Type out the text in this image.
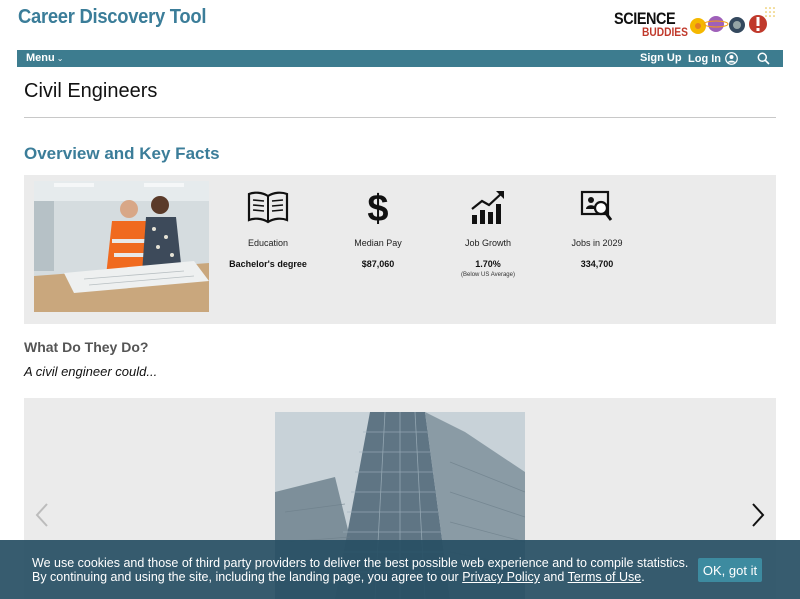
Career Discovery Tool	SCIENCE
BUDDIES
Menu ⌄	Sign Up Log In
Civil Engineers
Overview and Key Facts
Education
Bachelor's degree
$
Median Pay
$87,060
Job Growth
1.70%
(Below US Average)
Jobs in 2029
334,700
What Do They Do?

A civil engineer could...

We use cookies and those of third party providers to deliver the best possible web experience and to compile statistics.
By continuing and using the site, including the landing page, you agree to our Privacy Policy and Terms of Use.	OK, got it
